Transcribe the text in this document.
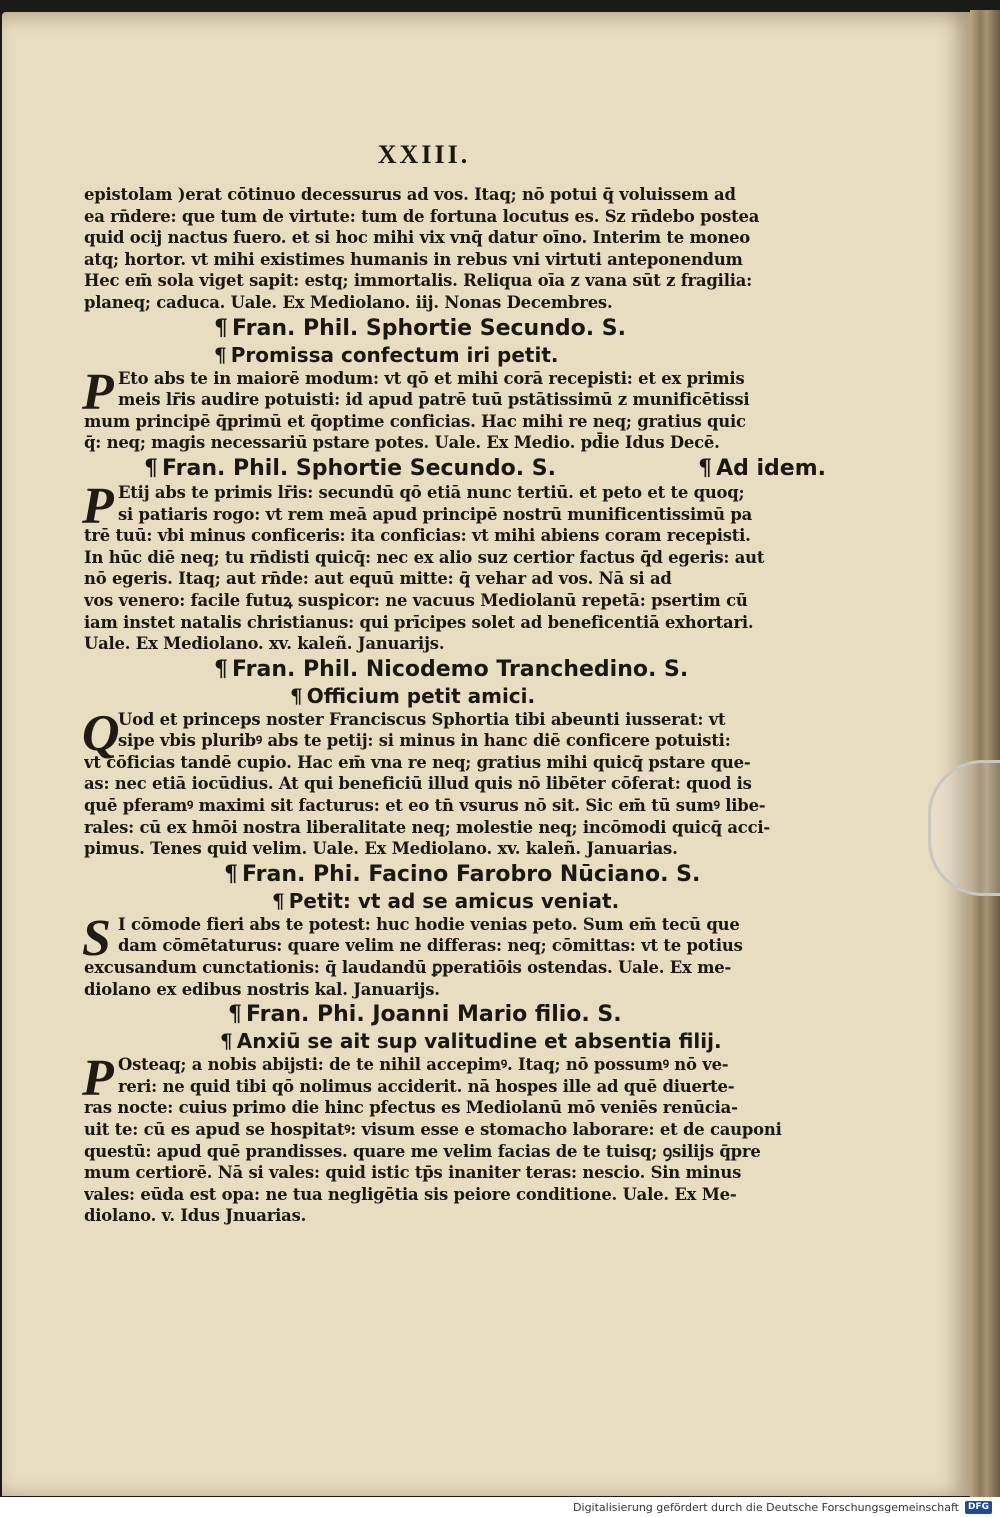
XXIII.
epistolam )erat cōtinuo decessurus ad vos. Itaq; nō potui q̄ voluissem ad
ea rn̄dere: que tum de virtute: tum de fortuna locutus es. Sz rn̄debo postea
quid ocij nactus fuero. et si hoc mihi vix vnq̄ datur oīno. Interim te moneo
atq; hortor. vt mihi existimes humanis in rebus vni virtuti anteponendum
Hec em̄ sola viget sapit: estq; immortalis. Reliqua oīa z vana sūt z fragilia:
planeq; caduca. Uale. Ex Mediolano. iij. Nonas Decembres.
¶ Fran. Phil. Sphortie Secundo. S.
¶ Promissa confectum iri petit.
P Eto abs te in maiorē modum: vt qō et mihi corā recepisti: et ex primis
meis lr̄is audire potuisti: id apud patrē tuū pstātissimū z munificētissi
mum principē q̄primū et q̄optime conficias. Hac mihi re neq; gratius quic
q̄: neq; magis necessariū pstare potes. Uale. Ex Medio. pd̄ie Idus Decē.
¶ Fran. Phil. Sphortie Secundo. S.	¶ Ad idem.
P Etij abs te primis lr̄is: secundū qō etiā nunc tertiū. et peto et te quoq;
si patiaris rogo: vt rem meā apud principē nostrū munificentissimū pa
trē tuū: vbi minus conficeris: ita conficias: vt mihi abiens coram recepisti.
In hūc diē neq; tu rn̄disti quicq̄: nec ex alio suz certior factus q̄d egeris: aut
nō egeris. Itaq; aut rn̄de: aut equū mitte: q̄ vehar ad vos. Nā si ad
vos venero: facile futuꝝ suspicor: ne vacuus Mediolanū repetā: psertim cū
iam instet natalis christianus: qui prīcipes solet ad beneficentiā exhortari.
Uale. Ex Mediolano. xv. kaleñ. Januarijs.
¶ Fran. Phil. Nicodemo Tranchedino. S.
¶ Officium petit amici.
Q
Uod et princeps noster Franciscus Sphortia tibi abeunti iusserat: vt
sipe vbis pluribꝰ abs te petij: si minus in hanc diē conficere potuisti:
vt cōficias tandē cupio. Hac em̄ vna re neq; gratius mihi quicq̄ pstare que-
as: nec etiā iocūdius. At qui beneficiū illud quis nō libēter cōferat: quod is
quē pferamꝰ maximi sit facturus: et eo tn̄ vsurus nō sit. Sic em̄ tū sumꝰ libe-
rales: cū ex hmōi nostra liberalitate neq; molestie neq; incōmodi quicq̄ acci-
pimus. Tenes quid velim. Uale. Ex Mediolano. xv. kaleñ. Januarias.
¶ Fran. Phi. Facino Farobro Nūciano. S.
¶ Petit: vt ad se amicus veniat.
S I cōmode fieri abs te potest: huc hodie venias peto. Sum em̄ tecū que
dam cōmētaturus: quare velim ne differas: neq; cōmittas: vt te potius
excusandum cunctationis: q̄ laudandū ꝑperatiōis ostendas. Uale. Ex me-
diolano ex edibus nostris kal. Januarijs.
¶ Fran. Phi. Joanni Mario filio. S.
¶ Anxiū se ait sup valitudine et absentia filij.
P Osteaq; a nobis abijsti: de te nihil accepimꝰ. Itaq; nō possumꝰ nō ve-
reri: ne quid tibi qō nolimus acciderit. nā hospes ille ad quē diuerte-
ras nocte: cuius primo die hinc pfectus es Mediolanū mō veniēs renūcia-
uit te: cū es apud se hospitatꝰ: visum esse e stomacho laborare: et de cauponi
questū: apud quē prandisses. quare me velim facias de te tuisq; ꝯsilijs q̄pre
mum certiorē. Nā si vales: quid istic tp̄s inaniter teras: nescio. Sin minus
vales: eūda est opa: ne tua negligētia sis peiore conditione. Uale. Ex Me-
diolano. v. Idus Jnuarias.
Digitalisierung gefördert durch die Deutsche Forschungsgemeinschaft	DFG
